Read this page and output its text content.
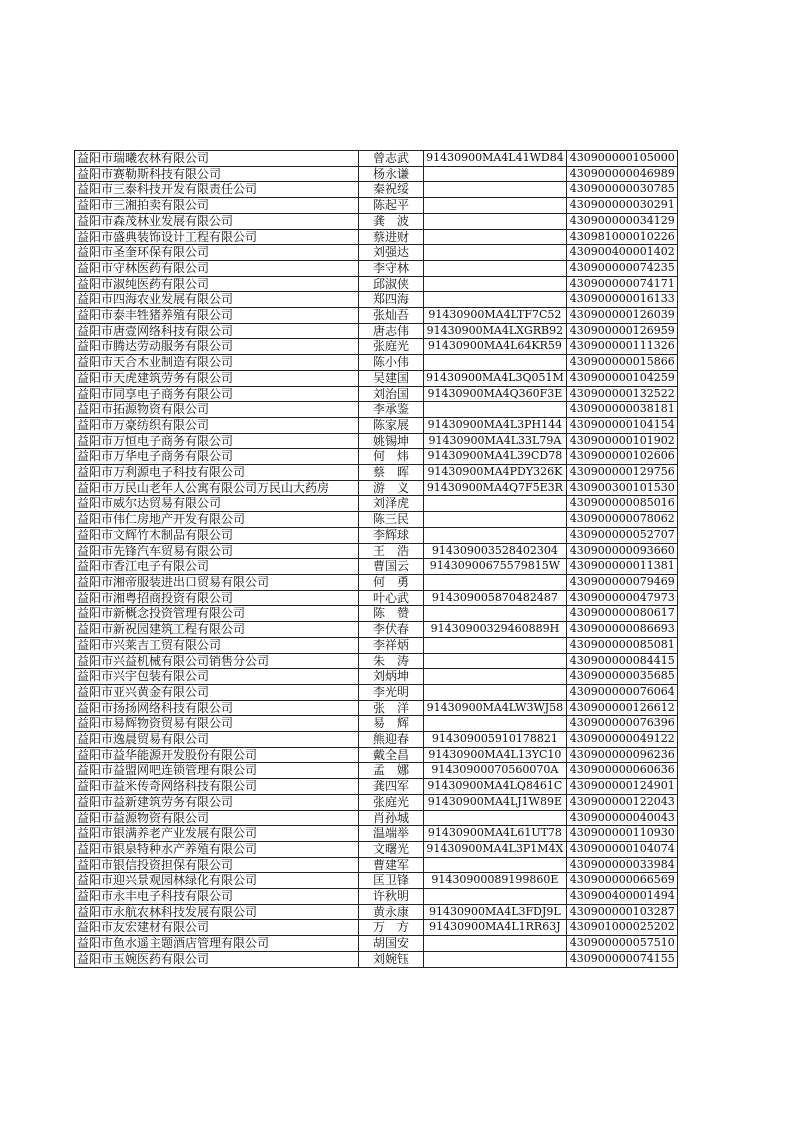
益阳市瑞曦农林有限公司	曾志武	91430900MA4L41WD84	430900000105000
益阳市赛勒斯科技有限公司	杨永谦		430900000046989
益阳市三泰科技开发有限责任公司	秦祝绥		430900000030785
益阳市三湘拍卖有限公司	陈起平		430900000030291
益阳市森茂林业发展有限公司	龚　波		430900000034129
益阳市盛典装饰设计工程有限公司	蔡进财		430981000010226
益阳市圣奎环保有限公司	刘强达		430900400001402
益阳市守林医药有限公司	李守林		430900000074235
益阳市淑纯医药有限公司	邱淑侠		430900000074171
益阳市四海农业发展有限公司	郑四海		430900000016133
益阳市泰丰牲猪养殖有限公司	张灿吾	91430900MA4LTF7C52	430900000126039
益阳市唐壹网络科技有限公司	唐志伟	91430900MA4LXGRB92	430900000126959
益阳市腾达劳动服务有限公司	张庭光	91430900MA4L64KR59	430900000111326
益阳市天合木业制造有限公司	陈小伟		430900000015866
益阳市天虎建筑劳务有限公司	吴建国	91430900MA4L3Q051M	430900000104259
益阳市同享电子商务有限公司	刘治国	91430900MA4Q360F3E	430900000132522
益阳市拓源物资有限公司	李承鉴		430900000038181
益阳市万豪纺织有限公司	陈家展	91430900MA4L3PH144	430900000104154
益阳市万恒电子商务有限公司	姚锡坤	91430900MA4L33L79A	430900000101902
益阳市万华电子商务有限公司	何　炜	91430900MA4L39CD78	430900000102606
益阳市万利源电子科技有限公司	蔡　晖	91430900MA4PDY326K	430900000129756
益阳市万民山老年人公寓有限公司万民山大药房	游　义	91430900MA4Q7F5E3R	430900300101530
益阳市威尔达贸易有限公司	刘泽虎		430900000085016
益阳市伟仁房地产开发有限公司	陈三民		430900000078062
益阳市文辉竹木制品有限公司	李辉球		430900000052707
益阳市先锋汽车贸易有限公司	王　浩	914309003528402304	430900000093660
益阳市香江电子有限公司	曹国云	91430900675579815W	430900000011381
益阳市湘帝服装进出口贸易有限公司	何　勇		430900000079469
益阳市湘粤招商投资有限公司	叶心武	914309005870482487	430900000047973
益阳市新概念投资管理有限公司	陈　赞		430900000080617
益阳市新祝园建筑工程有限公司	李伏春	91430900329460889H	430900000086693
益阳市兴莱吉工贸有限公司	李祥炳		430900000085081
益阳市兴益机械有限公司销售分公司	朱　涛		430900000084415
益阳市兴宇包装有限公司	刘炳坤		430900000035685
益阳市亚兴黄金有限公司	李光明		430900000076064
益阳市扬扬网络科技有限公司	张　洋	91430900MA4LW3WJ58	430900000126612
益阳市易辉物资贸易有限公司	易　辉		430900000076396
益阳市逸晨贸易有限公司	熊迎春	914309005910178821	430900000049122
益阳市益华能源开发股份有限公司	戴全昌	91430900MA4L13YC10	430900000096236
益阳市益盟网吧连锁管理有限公司	孟　娜	91430900070560070A	430900000060636
益阳市益米传奇网络科技有限公司	龚四军	91430900MA4LQ8461C	430900000124901
益阳市益新建筑劳务有限公司	张庭光	91430900MA4LJ1W89E	430900000122043
益阳市益源物资有限公司	肖孙城		430900000040043
益阳市银满养老产业发展有限公司	温端举	91430900MA4L61UT78	430900000110930
益阳市银泉特种水产养殖有限公司	文曙光	91430900MA4L3P1M4X	430900000104074
益阳市银信投资担保有限公司	曹建军		430900000033984
益阳市迎兴景观园林绿化有限公司	匡卫锋	91430900089199860E	430900000066569
益阳市永丰电子科技有限公司	许秋明		430900400001494
益阳市永航农林科技发展有限公司	黄永康	91430900MA4L3FDJ9L	430900000103287
益阳市友宏建材有限公司	万　方	91430900MA4L1RR63J	430901000025202
益阳市鱼水遥主题酒店管理有限公司	胡国安		430900000057510
益阳市玉婉医药有限公司	刘婉钰		430900000074155
